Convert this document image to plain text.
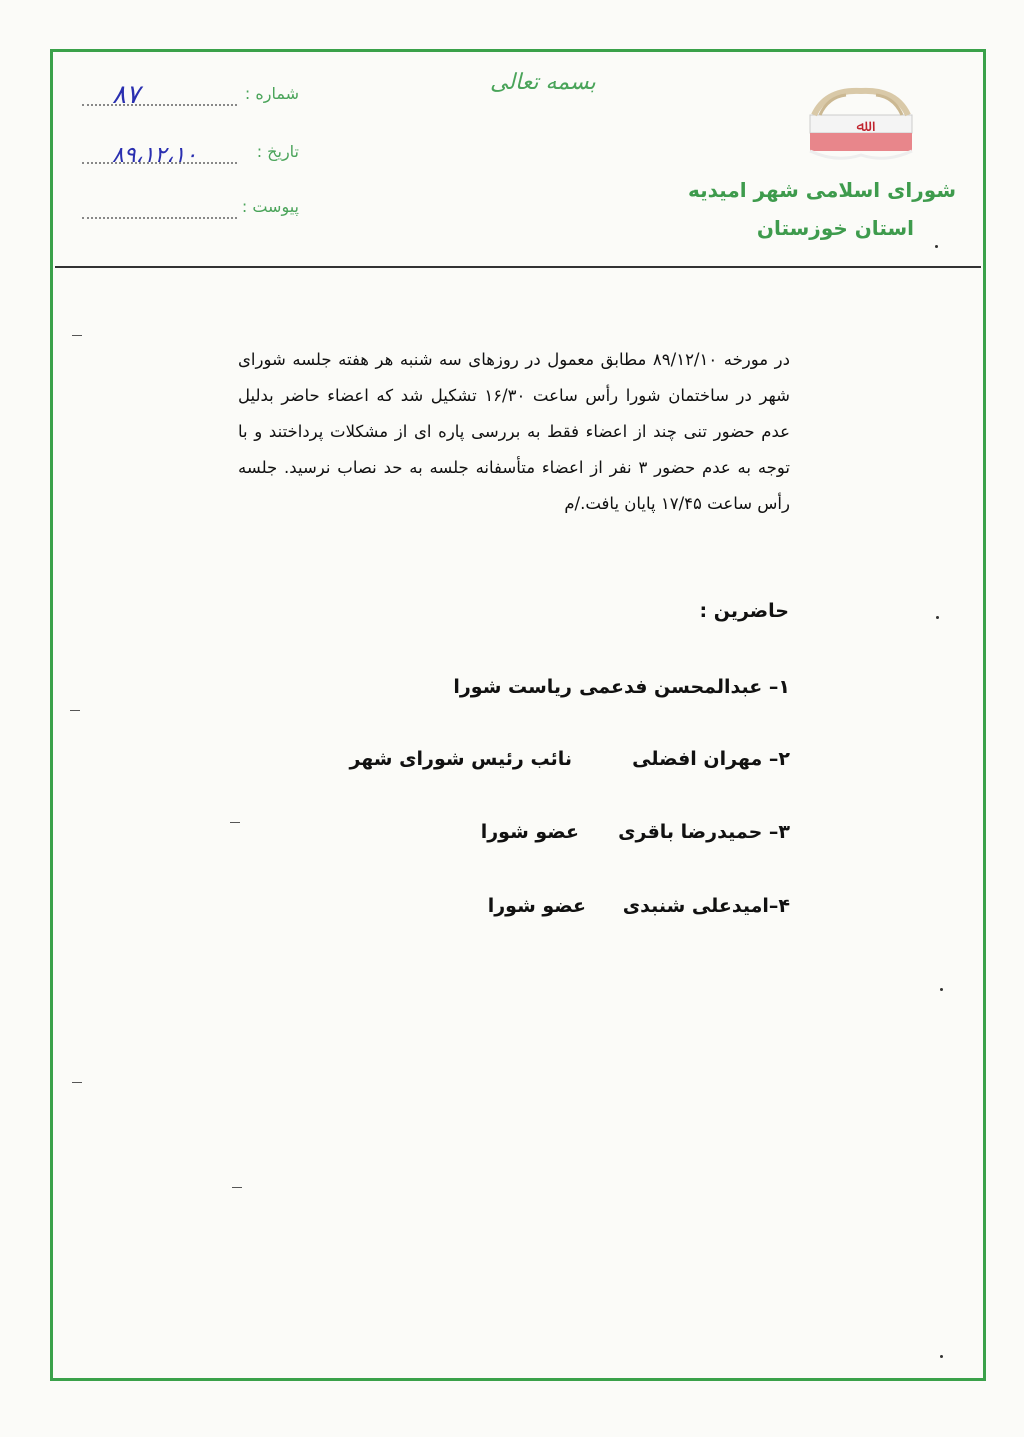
ﷲ
شورای اسلامی شهر امیدیه
استان خوزستان
بسمه تعالی
شماره :
۸۷
تاریخ :
۸۹،۱۲،۱۰
پیوست :
در مورخه ۸۹/۱۲/۱۰ مطابق معمول در روزهای سه شنبه هر هفته جلسه شورای شهر در ساختمان شورا رأس ساعت ۱۶/۳۰ تشکیل شد که اعضاء حاضر بدلیل عدم حضور تنی چند از اعضاء فقط به بررسی پاره ای از مشکلات پرداختند و با توجه به عدم حضور ۳ نفر از اعضاء متأسفانه جلسه به حد نصاب نرسید. جلسه رأس ساعت ۱۷/۴۵ پایان یافت./م
حاضرین :
۱– عبدالمحسن فدعمی
ریاست شورا
۲– مهران افضلی
نائب رئیس شورای شهر
۳– حمیدرضا باقری
عضو شورا
۴–امیدعلی شنبدی
عضو شورا
